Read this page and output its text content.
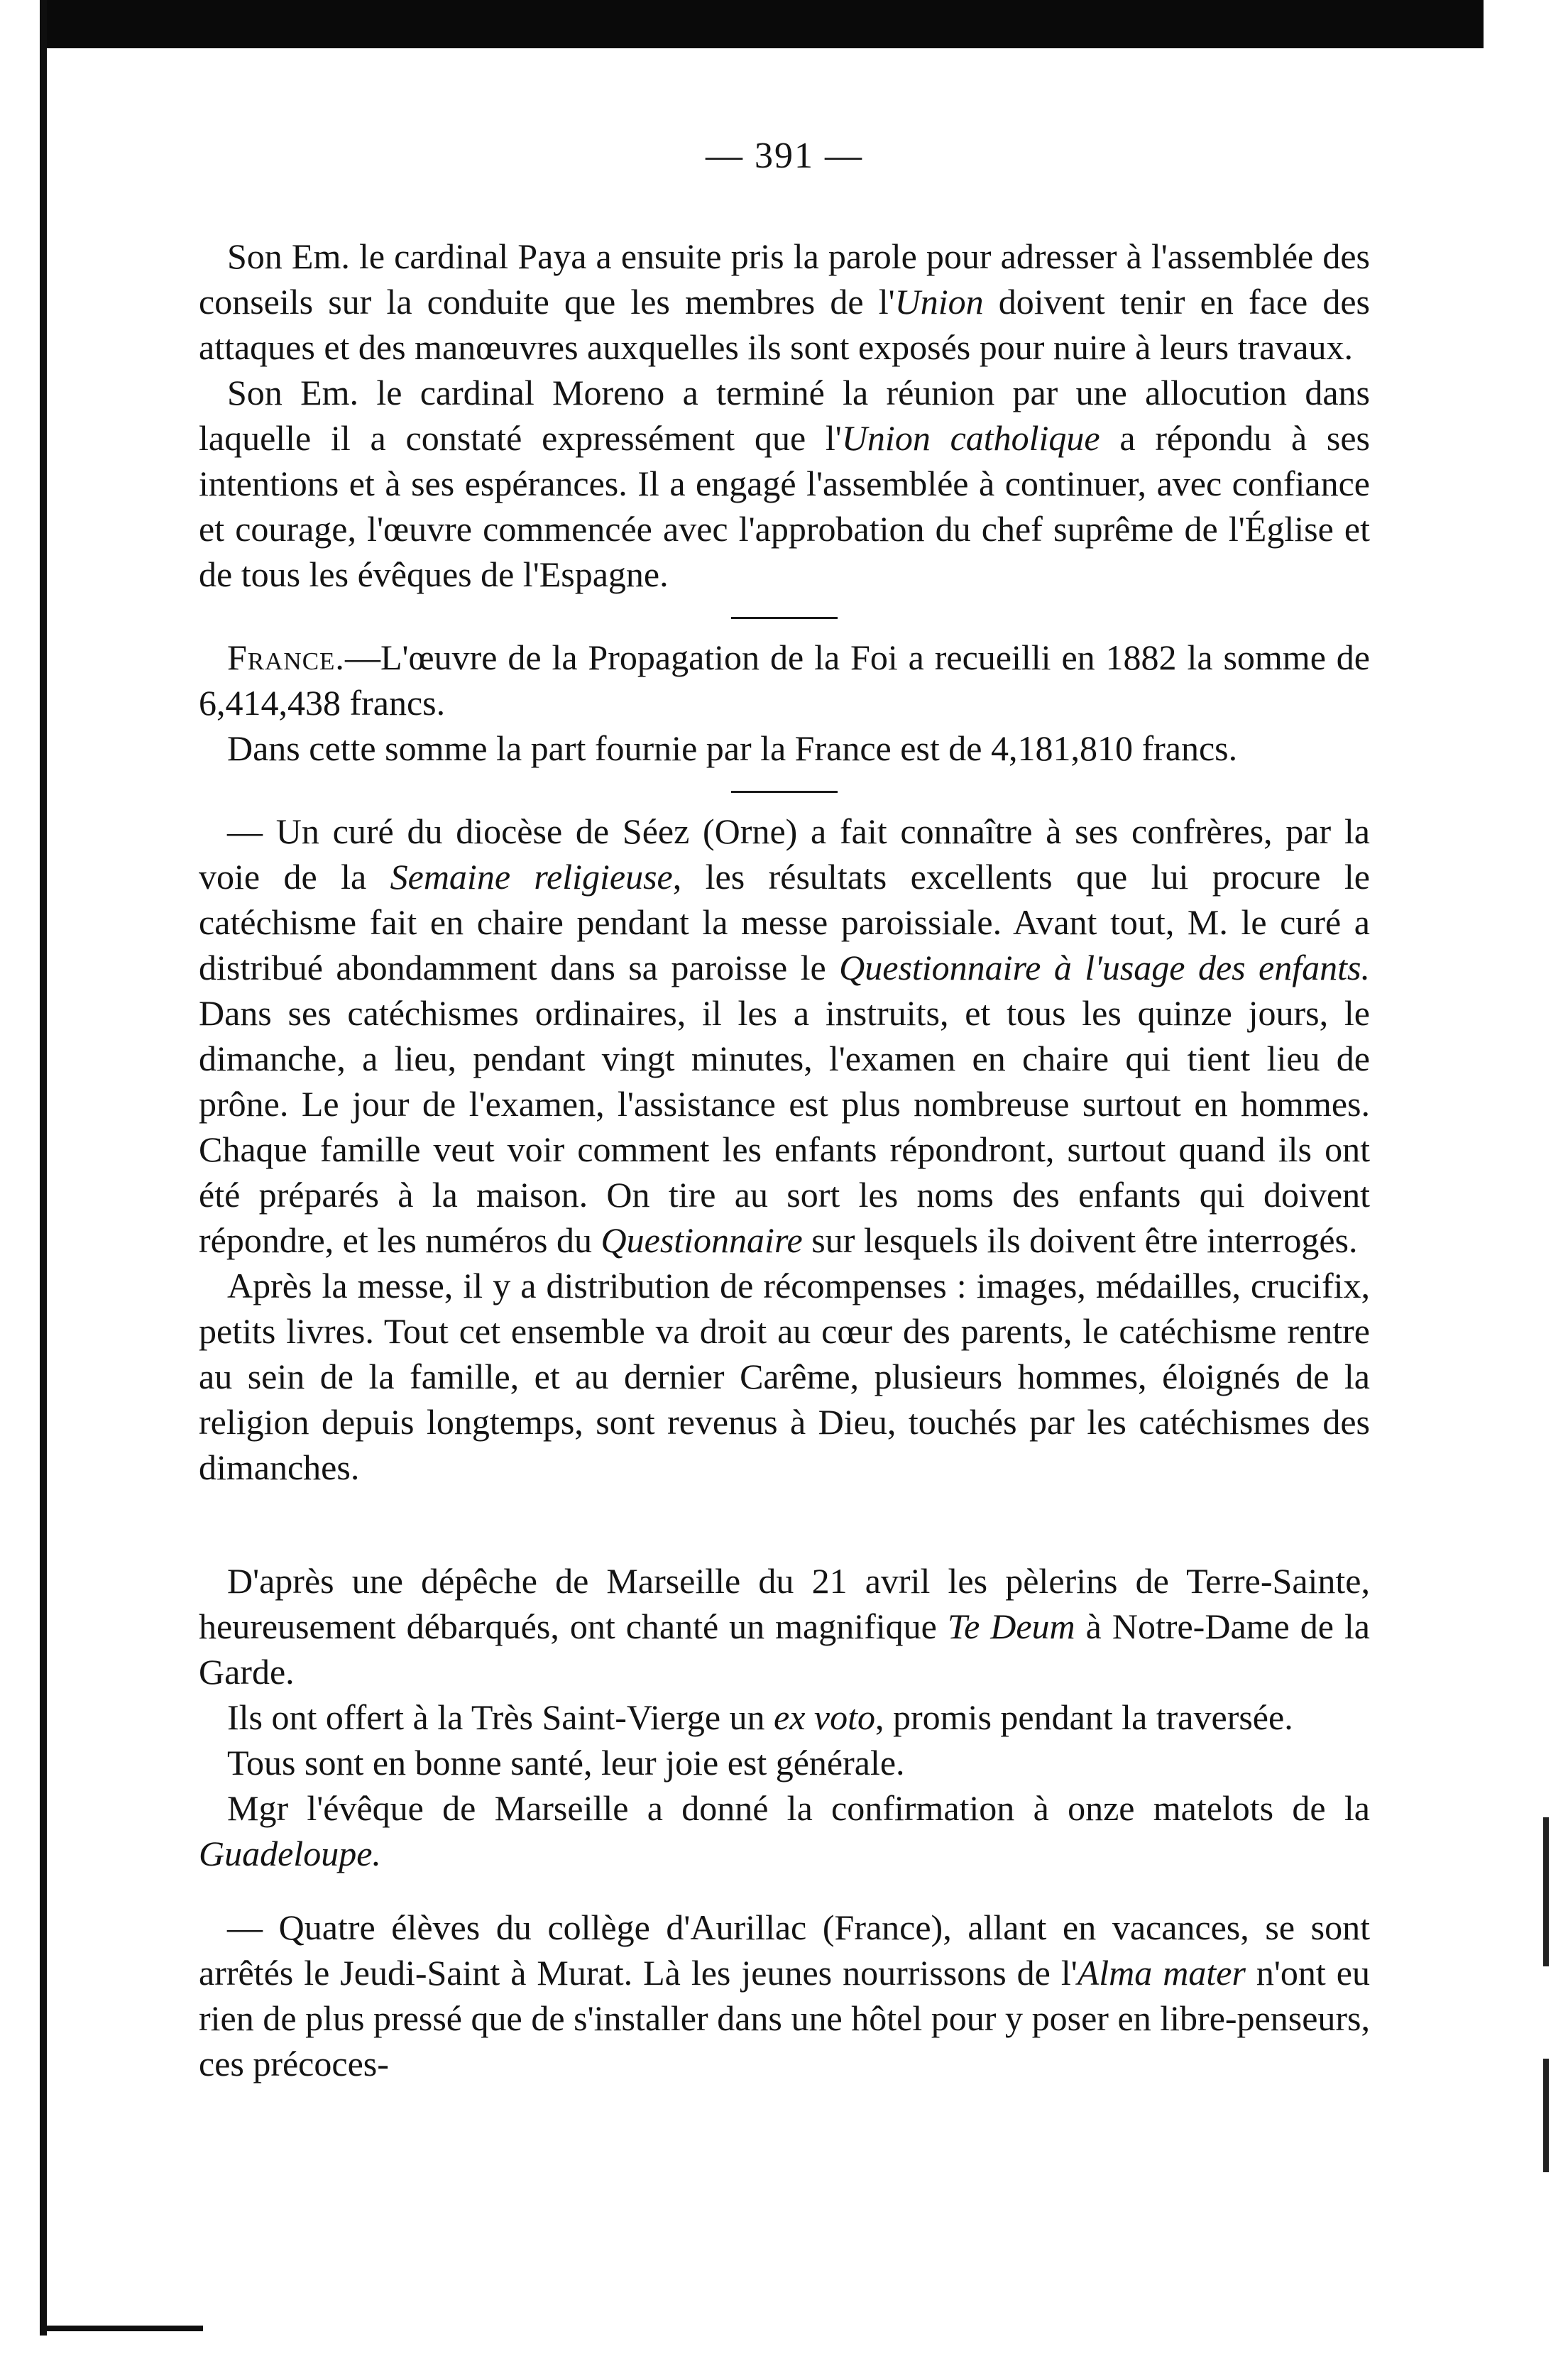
— 391 —

Son Em. le cardinal Paya a ensuite pris la parole pour adresser à l'assemblée des conseils sur la conduite que les membres de l'Union doivent tenir en face des attaques et des manœuvres auxquelles ils sont exposés pour nuire à leurs travaux.

Son Em. le cardinal Moreno a terminé la réunion par une allocution dans laquelle il a constaté expressément que l'Union catholique a répondu à ses intentions et à ses espérances. Il a engagé l'assemblée à continuer, avec confiance et courage, l'œuvre commencée avec l'approbation du chef suprême de l'Église et de tous les évêques de l'Espagne.

France.—L'œuvre de la Propagation de la Foi a recueilli en 1882 la somme de 6,414,438 francs.

Dans cette somme la part fournie par la France est de 4,181,810 francs.

— Un curé du diocèse de Séez (Orne) a fait connaître à ses confrères, par la voie de la Semaine religieuse, les résultats excellents que lui procure le catéchisme fait en chaire pendant la messe paroissiale. Avant tout, M. le curé a distribué abondamment dans sa paroisse le Questionnaire à l'usage des enfants. Dans ses catéchismes ordinaires, il les a instruits, et tous les quinze jours, le dimanche, a lieu, pendant vingt minutes, l'examen en chaire qui tient lieu de prône. Le jour de l'examen, l'assistance est plus nombreuse surtout en hommes. Chaque famille veut voir comment les enfants répondront, surtout quand ils ont été préparés à la maison. On tire au sort les noms des enfants qui doivent répondre, et les numéros du Questionnaire sur lesquels ils doivent être interrogés.

Après la messe, il y a distribution de récompenses : images, médailles, crucifix, petits livres. Tout cet ensemble va droit au cœur des parents, le catéchisme rentre au sein de la famille, et au dernier Carême, plusieurs hommes, éloignés de la religion depuis longtemps, sont revenus à Dieu, touchés par les catéchismes des dimanches.

D'après une dépêche de Marseille du 21 avril les pèlerins de Terre-Sainte, heureusement débarqués, ont chanté un magnifique Te Deum à Notre-Dame de la Garde.

Ils ont offert à la Très Saint-Vierge un ex voto, promis pendant la traversée.

Tous sont en bonne santé, leur joie est générale.

Mgr l'évêque de Marseille a donné la confirmation à onze matelots de la Guadeloupe.

— Quatre élèves du collège d'Aurillac (France), allant en vacances, se sont arrêtés le Jeudi-Saint à Murat. Là les jeunes nourrissons de l'Alma mater n'ont eu rien de plus pressé que de s'installer dans une hôtel pour y poser en libre-penseurs, ces précoces-
